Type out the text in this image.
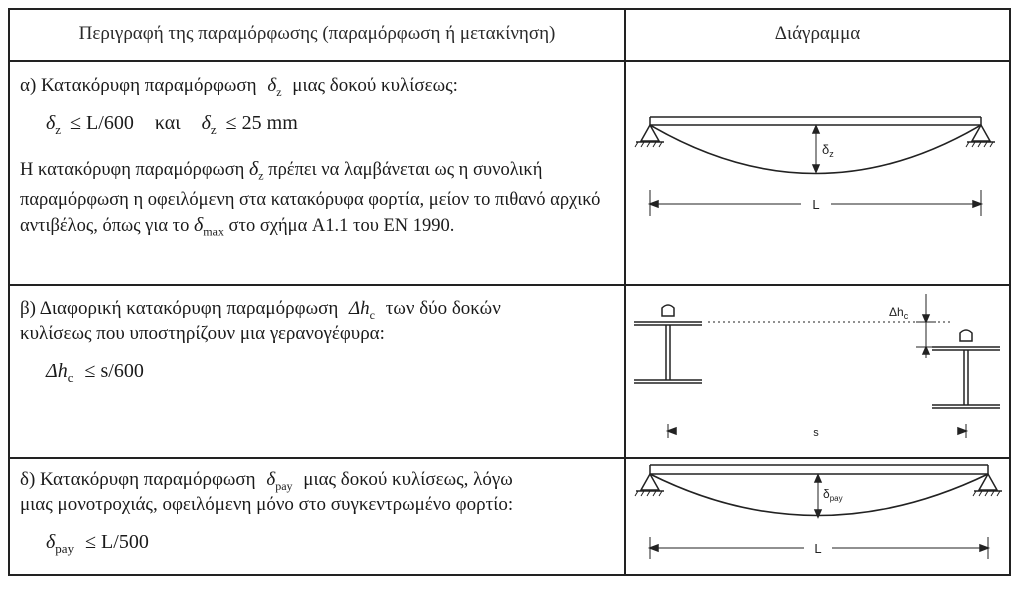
Περιγραφή της παραμόρφωσης (παραμόρφωση ή μετακίνηση)	Διάγραμμα
α) Κατακόρυφη παραμόρφωση $\delta_z$ μιας δοκού κυλίσεως:
$\delta_z \le L/600$ και $\delta_z \le 25$ mm
Η κατακόρυφη παραμόρφωση $\delta_z$ πρέπει να λαμβάνεται ως η συνολική παραμόρφωση η οφειλόμενη στα κατακόρυφα φορτία, μείον το πιθανό αρχικό αντιβέλος, όπως για το $\delta_{max}$ στο σχήμα A1.1 του EN 1990.
$\delta_z$
L
β) Διαφορική κατακόρυφη παραμόρφωση $\Delta h_c$ των δύο δοκών
κυλίσεως που υποστηρίζουν μια γερανογέφυρα:
$\Delta h_c \le s/600$
$\Delta h_c$
s
δ) Κατακόρυφη παραμόρφωση $\delta_{pay}$ μιας δοκού κυλίσεως, λόγω
μιας μονοτροχιάς, οφειλόμενη μόνο στο συγκεντρωμένο φορτίο:
$\delta_{pay} \le L/500$
$\delta_{pay}$
L
